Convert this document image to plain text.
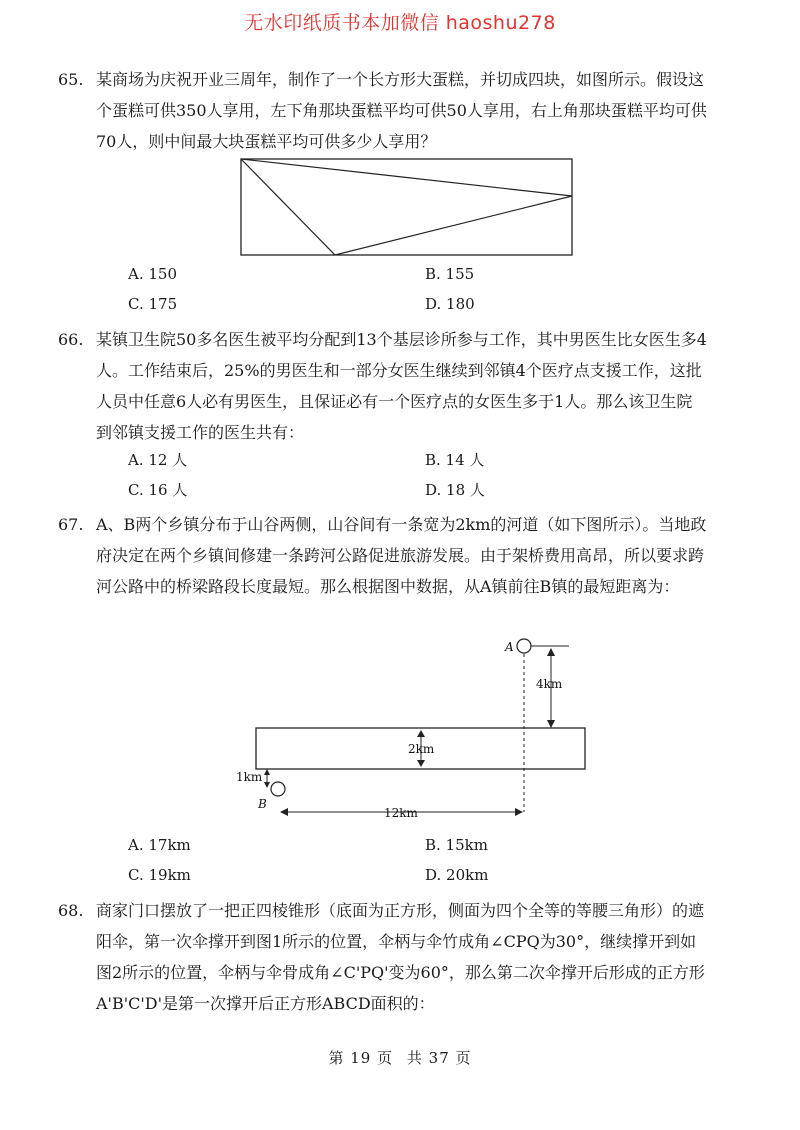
无水印纸质书本加微信 haoshu278
65. 某商场为庆祝开业三周年，制作了一个长方形大蛋糕，并切成四块，如图所示。假设这个蛋糕可供350人享用，左下角那块蛋糕平均可供50人享用，右上角那块蛋糕平均可供70人，则中间最大块蛋糕平均可供多少人享用？
A. 150	B. 155
C. 175	D. 180
66. 某镇卫生院50多名医生被平均分配到13个基层诊所参与工作，其中男医生比女医生多4人。工作结束后，25%的男医生和一部分女医生继续到邻镇4个医疗点支援工作，这批人员中任意6人必有男医生，且保证必有一个医疗点的女医生多于1人。那么该卫生院到邻镇支援工作的医生共有：
A. 12 人	B. 14 人
C. 16 人	D. 18 人
67. A、B两个乡镇分布于山谷两侧，山谷间有一条宽为2km的河道（如下图所示）。当地政府决定在两个乡镇间修建一条跨河公路促进旅游发展。由于架桥费用高昂，所以要求跨河公路中的桥梁路段长度最短。那么根据图中数据，从A镇前往B镇的最短距离为：
A
4km
2km
1km
B
12km
A. 17km	B. 15km
C. 19km	D. 20km
68. 商家门口摆放了一把正四棱锥形（底面为正方形，侧面为四个全等的等腰三角形）的遮阳伞，第一次伞撑开到图1所示的位置，伞柄与伞竹成角∠CPQ为30°，继续撑开到如图2所示的位置，伞柄与伞骨成角∠C'PQ'变为60°，那么第二次伞撑开后形成的正方形A'B'C'D'是第一次撑开后正方形ABCD面积的：
第 19 页 共 37 页
